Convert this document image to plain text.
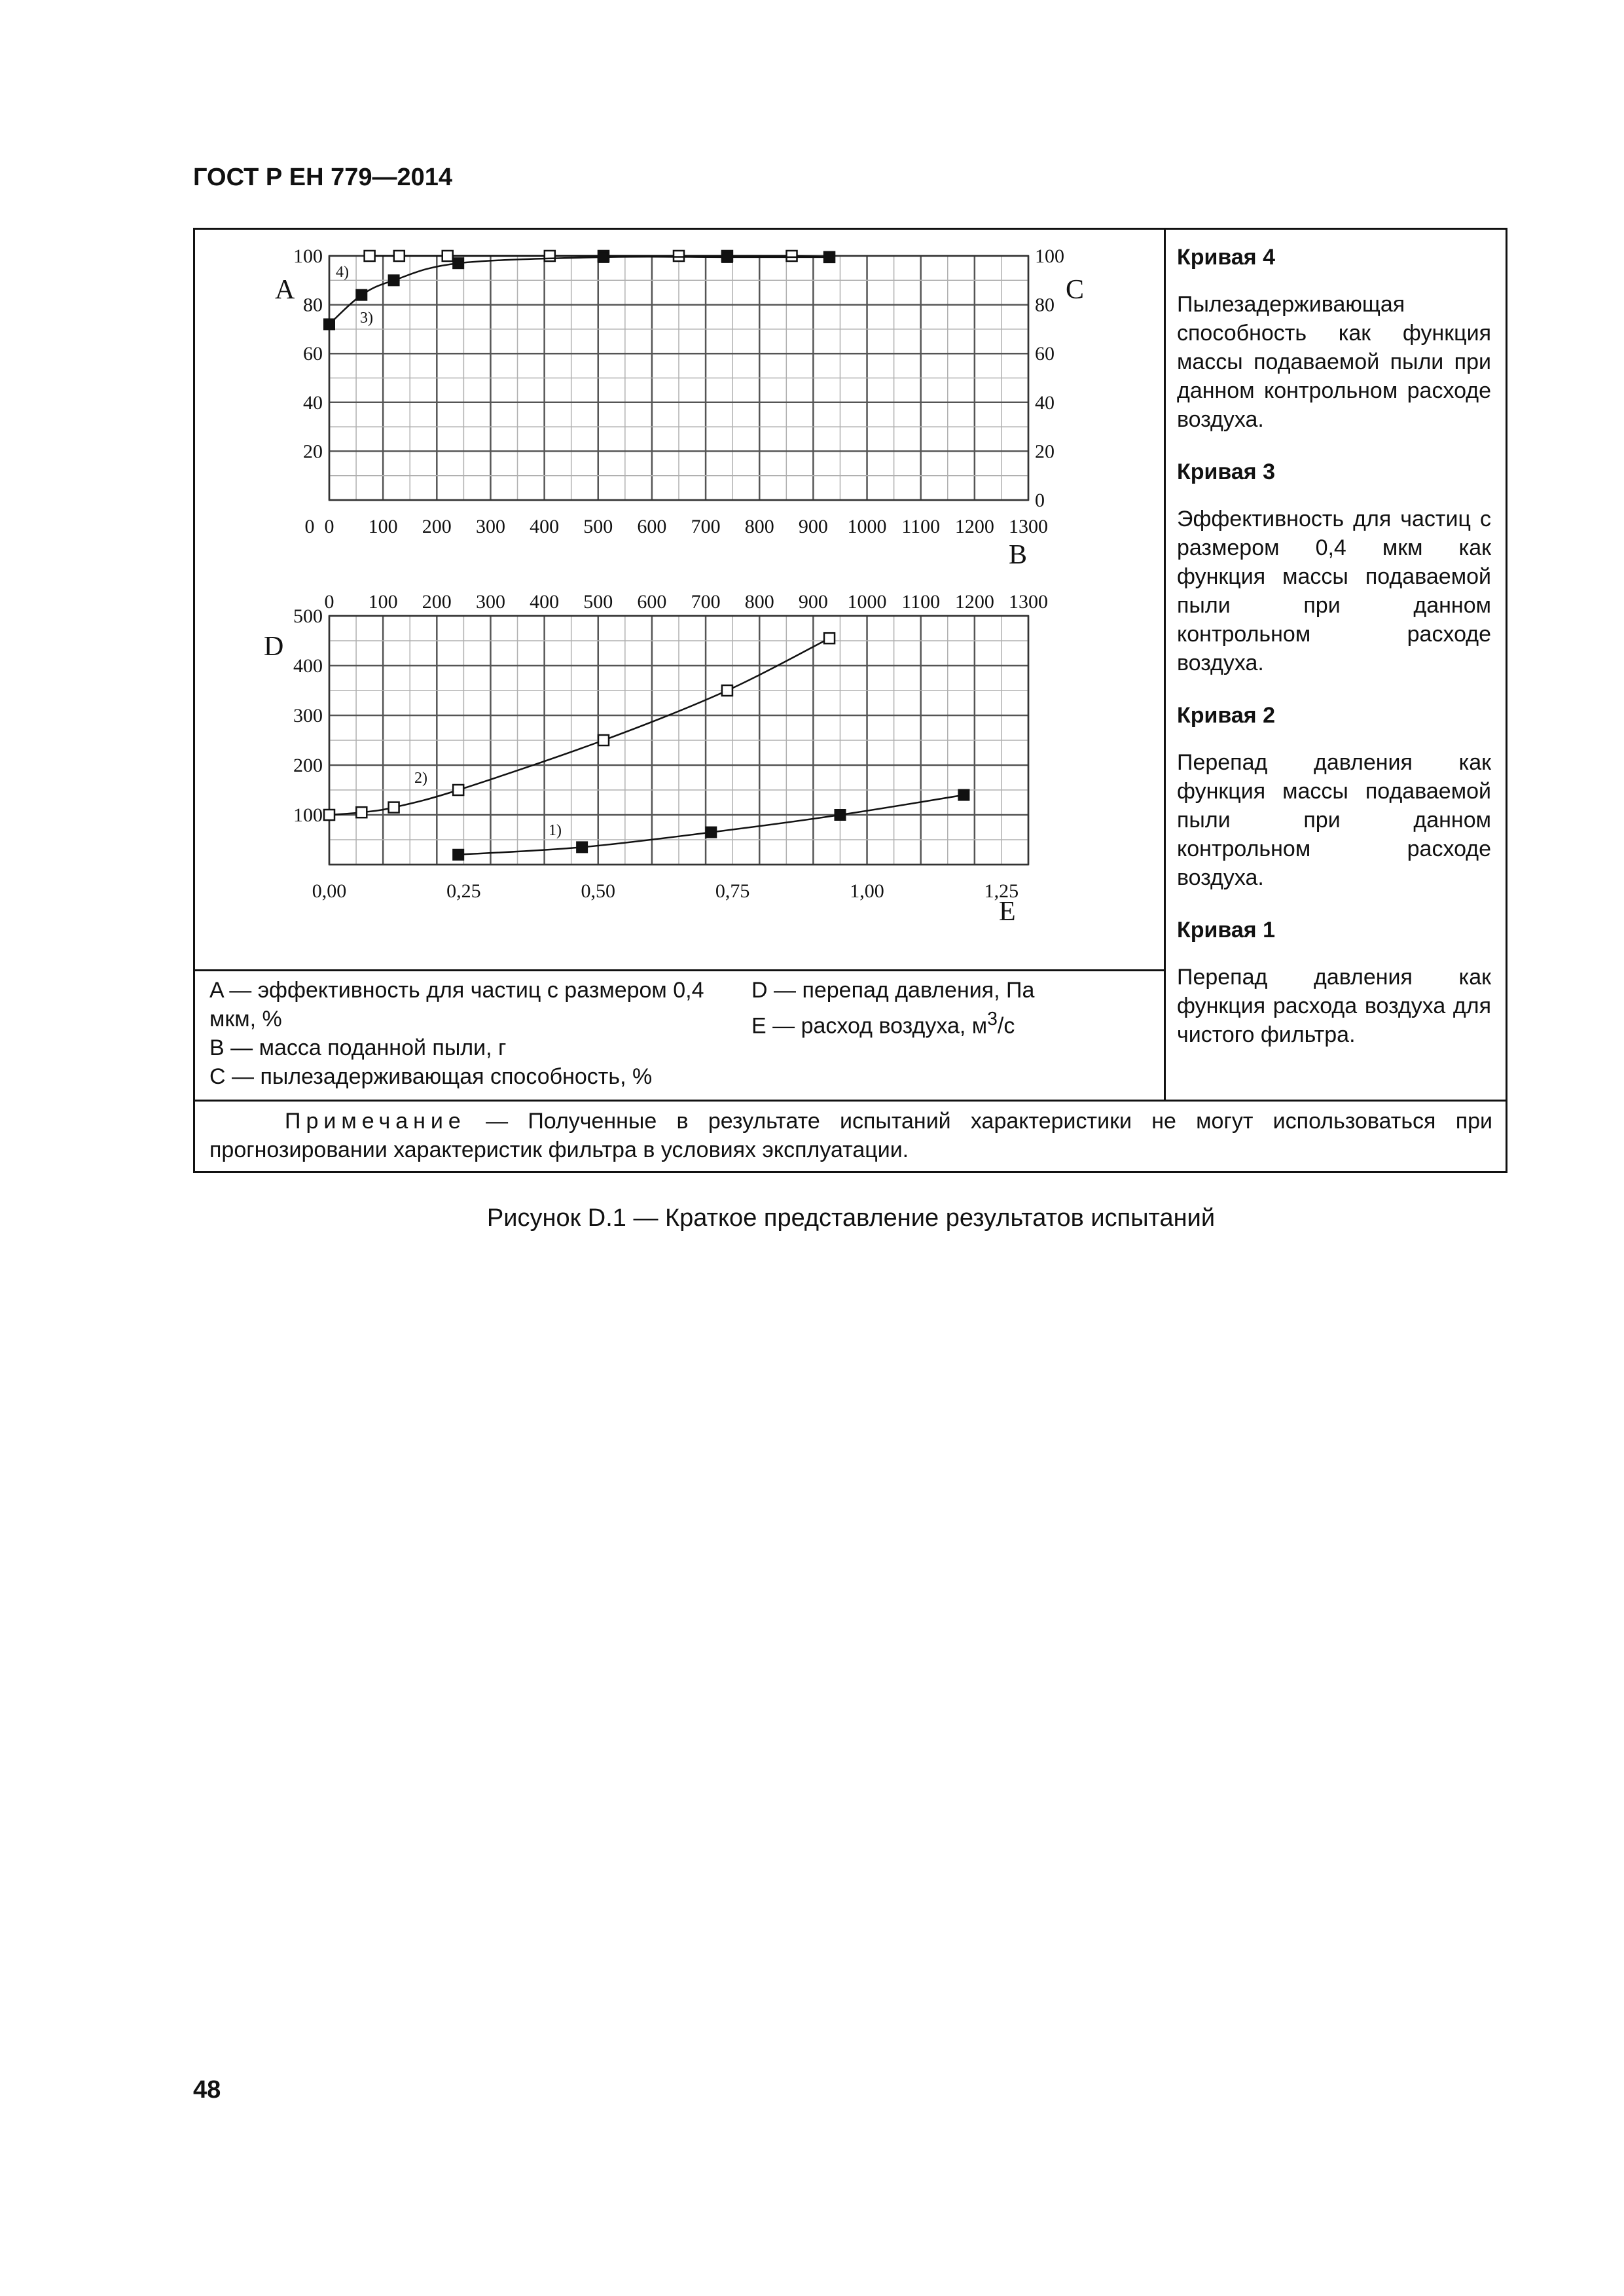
ГОСТ Р ЕН 779—2014
0 100 200 300 400 500 600 700 800 900 1000 1100 1200 1300
0
20
40
60
80
100
0
20
40
60
80
100
A	C
B
4)
3)
0 100 200 300 400 500 600 700 800 900 1000 1100 1200 1300
0,00	0,25	0,50	0,75	1,00	1,25
100
200
300
400
500
D
E
2)
1)
Кривая 4
Пылезадерживающая способность как функция массы подаваемой пыли при данном контрольном расходе воздуха.
Кривая 3
Эффективность для частиц с размером 0,4 мкм как функция массы подаваемой пыли при данном контрольном расходе воздуха.
Кривая 2
Перепад давления как функция массы подаваемой пыли при данном контрольном расходе воздуха.
Кривая 1
Перепад давления как функция расхода воздуха для чистого фильтра.
A — эффективность для частиц с размером 0,4 мкм, %
B — масса поданной пыли, г
C — пылезадерживающая способность, %
D — перепад давления, Па
E — расход воздуха, $м^3/с$
Примечание — Полученные в результате испытаний характеристики не могут использоваться при прогнозировании характеристик фильтра в условиях эксплуатации.
Рисунок D.1 — Краткое представление результатов испытаний
48
